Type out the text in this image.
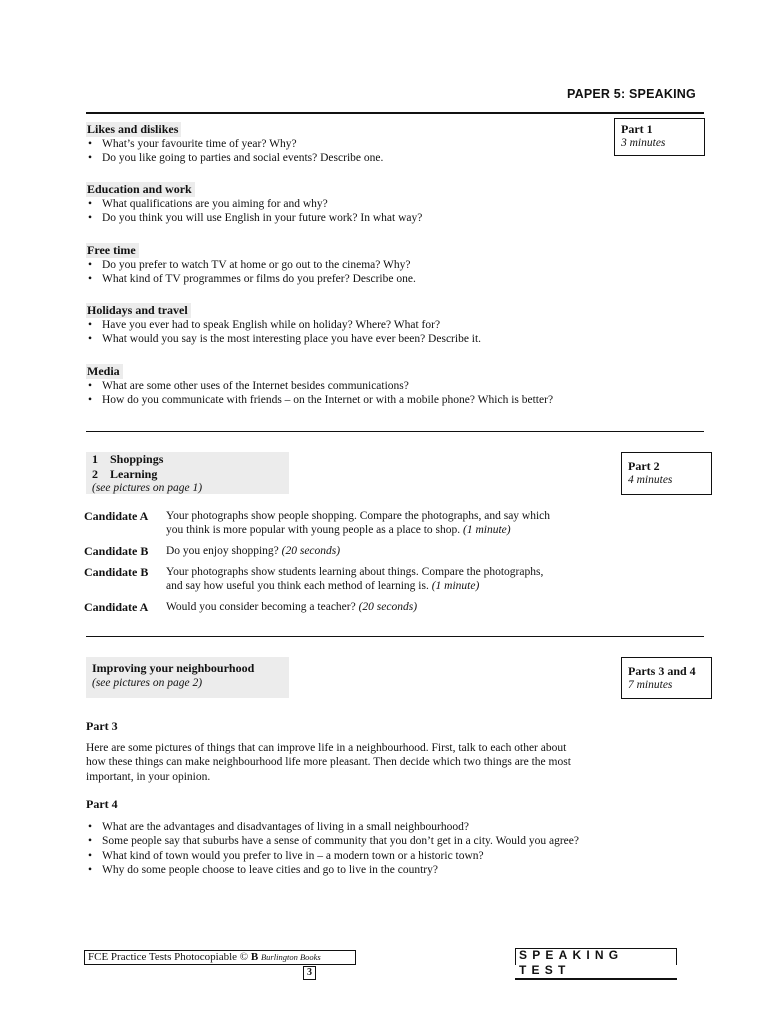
PAPER 5: SPEAKING
Part 1
3 minutes
Likes and dislikes
• What’s your favourite time of year? Why?
• Do you like going to parties and social events? Describe one.
Education and work
• What qualifications are you aiming for and why?
• Do you think you will use English in your future work? In what way?
Free time
• Do you prefer to watch TV at home or go out to the cinema? Why?
• What kind of TV programmes or films do you prefer? Describe one.
Holidays and travel
• Have you ever had to speak English while on holiday? Where? What for?
• What would you say is the most interesting place you have ever been? Describe it.
Media
• What are some other uses of the Internet besides communications?
• How do you communicate with friends – on the Internet or with a mobile phone? Which is better?
1 Shoppings
2 Learning
(see pictures on page 1)
Part 2
4 minutes
Candidate A	Your photographs show people shopping. Compare the photographs, and say which
you think is more popular with young people as a place to shop. (1 minute)
Candidate B	Do you enjoy shopping? (20 seconds)
Candidate B	Your photographs show students learning about things. Compare the photographs,
and say how useful you think each method of learning is. (1 minute)
Candidate A	Would you consider becoming a teacher? (20 seconds)
Improving your neighbourhood
(see pictures on page 2)
Parts 3 and 4
7 minutes
Part 3
Here are some pictures of things that can improve life in a neighbourhood. First, talk to each other about
how these things can make neighbourhood life more pleasant. Then decide which two things are the most
important, in your opinion.
Part 4
• What are the advantages and disadvantages of living in a small neighbourhood?
• Some people say that suburbs have a sense of community that you don’t get in a city. Would you agree?
• What kind of town would you prefer to live in – a modern town or a historic town?
• Why do some people choose to leave cities and go to live in the country?
FCE Practice Tests Photocopiable © B Burlington Books
3
SPEAKING TEST
